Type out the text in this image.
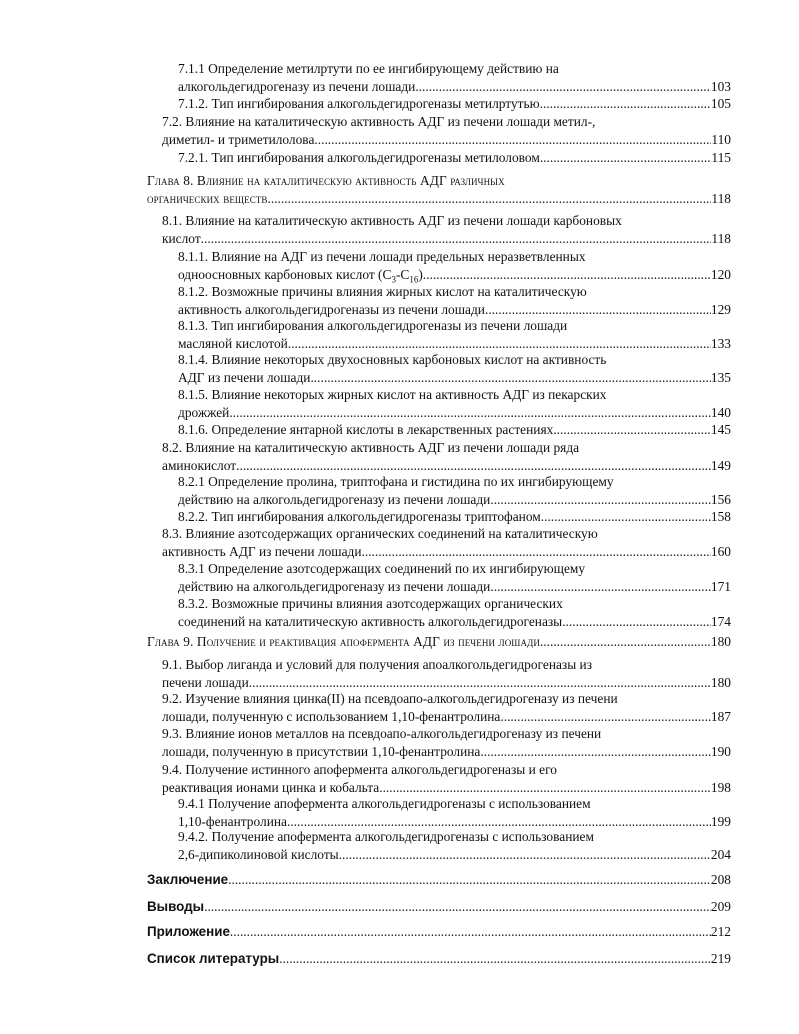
7.1.1 Определение метилртути по ее ингибирующему действию на
алкогольдегидрогеназу из печени лошади .....	103
7.1.2. Тип ингибирования алкогольдегидрогеназы метилртутью .....	105
7.2. Влияние на каталитическую активность АДГ из печени лошади метил-,
диметил- и триметилолова .....	110
7.2.1. Тип ингибирования алкогольдегидрогеназы метилоловом .....	115
Глава 8. Влияние на каталитическую активность АДГ различных
органических веществ .....	118
8.1. Влияние на каталитическую активность АДГ из печени лошади карбоновых
кислот .....	118
8.1.1. Влияние на АДГ из печени лошади предельных неразветвленных
одноосновных карбоновых кислот $(С_3-С_{16})$ .....	120
8.1.2. Возможные причины влияния жирных кислот на каталитическую
активность алкогольдегидрогеназы из печени лошади .....	129
8.1.3. Тип ингибирования алкогольдегидрогеназы из печени лошади
масляной кислотой .....	133
8.1.4. Влияние некоторых двухосновных карбоновых кислот на активность
АДГ из печени лошади .....	135
8.1.5. Влияние некоторых жирных кислот на активность АДГ из пекарских
дрожжей .....	140
8.1.6. Определение янтарной кислоты в лекарственных растениях .....	145
8.2. Влияние на каталитическую активность АДГ из печени лошади ряда
аминокислот .....	149
8.2.1 Определение пролина, триптофана и гистидина по их ингибирующему
действию на алкогольдегидрогеназу из печени лошади .....	156
8.2.2. Тип ингибирования алкогольдегидрогеназы триптофаном .....	158
8.3. Влияние азотсодержащих органических соединений на каталитическую
активность АДГ из печени лошади .....	160
8.3.1 Определение азотсодержащих соединений по их ингибирующему
действию на алкогольдегидрогеназу из печени лошади .....	171
8.3.2. Возможные причины влияния азотсодержащих органических
соединений на каталитическую активность алкогольдегидрогеназы .....	174
Глава 9. Получение и реактивация апофермента АДГ из печени лошади .....	180
9.1. Выбор лиганда и условий для получения апоалкогольдегидрогеназы из
печени лошади .....	180
9.2. Изучение влияния цинка(II) на псевдоапо-алкогольдегидрогеназу из печени
лошади, полученную с использованием 1,10-фенантролина .....	187
9.3. Влияние ионов металлов на псевдоапо-алкогольдегидрогеназу из печени
лошади, полученную в присутствии 1,10-фенантролина .....	190
9.4. Получение истинного апофермента алкогольдегидрогеназы и его
реактивация ионами цинка и кобальта .....	198
9.4.1 Получение апофермента алкогольдегидрогеназы с использованием
1,10-фенантролина .....	199
9.4.2. Получение апофермента алкогольдегидрогеназы с использованием
2,6-дипиколиновой кислоты .....	204
Заключение .....	208
Выводы .....	209
Приложение .....	212
Список литературы .....	219
